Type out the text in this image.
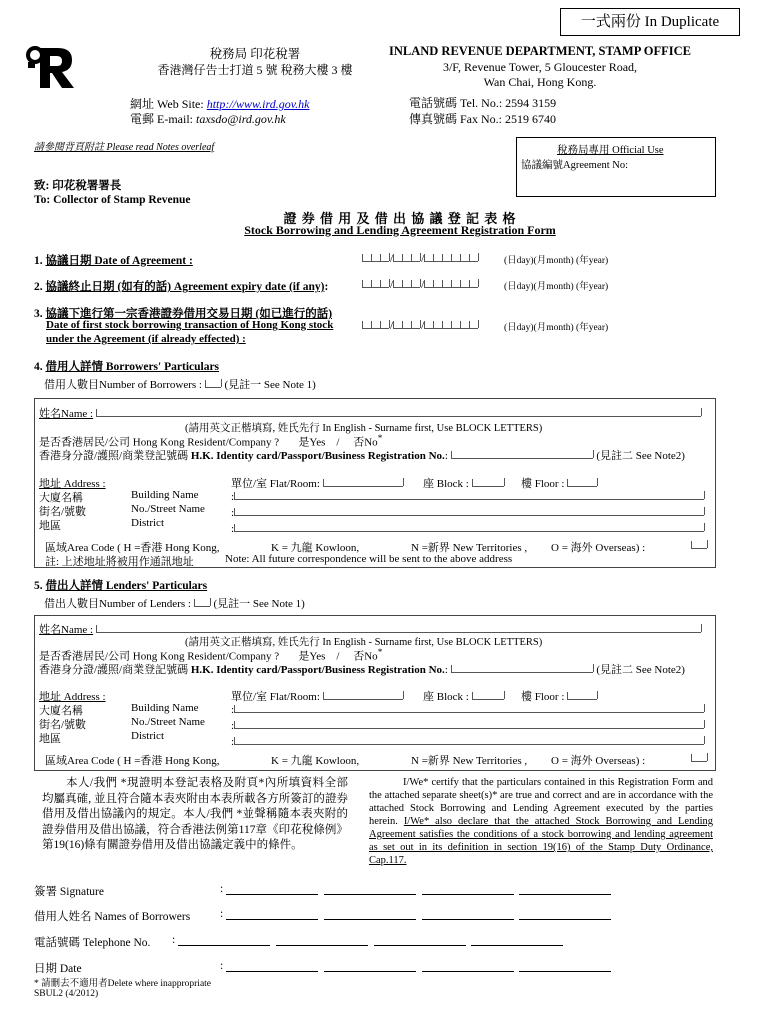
一式兩份 In Duplicate
稅務局 印花稅署
香港灣仔告士打道 5 號 稅務大樓 3 樓
INLAND REVENUE DEPARTMENT, STAMP OFFICE
3/F, Revenue Tower, 5 Gloucester Road,
Wan Chai, Hong Kong.
網址 Web Site: http://www.ird.gov.hk
電郵 E-mail: taxsdo@ird.gov.hk
電話號碼 Tel. No.: 2594 3159
傳真號碼 Fax No.: 2519 6740
請參閱背頁附註 Please read Notes overleaf	稅務局專用 Official Use
協議編號Agreement No:
致: 印花稅署署長
To: Collector of Stamp Revenue
證 券 借 用 及 借 出 協 議 登 記 表 格
Stock Borrowing and Lending Agreement Registration Form
1. 協議日期 Date of Agreement :	/	/	(日day)(月month) (年year)
2. 協議終止日期 (如有的話) Agreement expiry date (if any):	/	/	(日day)(月month) (年year)
3. 協議下進行第一宗香港證券借用交易日期 (如已進行的話)
Date of first stock borrowing transaction of Hong Kong stock
under the Agreement (if already effected) :
/	/	(日day)(月month) (年year)
4. 借用人詳情 Borrowers' Particulars
借用人數目Number of Borrowers : (見註一 See Note 1)
姓名Name :
(請用英文正楷填寫, 姓氏先行 In English - Surname first, Use BLOCK LETTERS)
是否香港居民/公司 Hong Kong Resident/Company ? 是Yes / 否No*
香港身分證/護照/商業登記號碼 H.K. Identity card/Passport/Business Registration No.:	(見註二 See Note2)
地址 Address :	單位/室 Flat/Room:	座 Block :	樓 Floor :
大廈名稱	Building Name	:
街名/號數	No./Street Name :
地區	District	:
區域Area Code ( H =香港 Hong Kong,	K = 九龍 Kowloon,	N =新界 New Territories , O = 海外 Overseas) :
註: 上述地址將被用作通訊地址	Note: All future correspondence will be sent to the above address
5. 借出人詳情 Lenders' Particulars
借出人數目Number of Lenders : (見註一 See Note 1)
姓名Name :
(請用英文正楷填寫, 姓氏先行 In English - Surname first, Use BLOCK LETTERS)
是否香港居民/公司 Hong Kong Resident/Company ? 是Yes / 否No*
香港身分證/護照/商業登記號碼 H.K. Identity card/Passport/Business Registration No.:	(見註二 See Note2)
地址 Address :	單位/室 Flat/Room:	座 Block :	樓 Floor :
大廈名稱	Building Name	:
街名/號數	No./Street Name :
地區	District	:
區域Area Code ( H =香港 Hong Kong,	K = 九龍 Kowloon,	N =新界 New Territories , O = 海外 Overseas) :
本人/我們 *現證明本登記表格及附頁*內所填資料全部均屬真確, 並且符合隨本表夾附由本表所載各方所簽訂的證券借用及借出協議內的規定。本人/我們 *並聲稱隨本表夾附的證券借用及借出協議，符合香港法例第117章《印花稅條例》第19(16)條有關證券借用及借出協議定義中的條件。
I/We* certify that the particulars contained in this Registration Form and the attached separate sheet(s)* are true and correct and are in accordance with the attached Stock Borrowing and Lending Agreement executed by the parties herein. I/We* also declare that the attached Stock Borrowing and Lending Agreement satisfies the conditions of a stock borrowing and lending agreement as set out in its definition in section 19(16) of the Stamp Duty Ordinance, Cap.117.
簽署 Signature	:
借用人姓名 Names of Borrowers	:
電話號碼 Telephone No. :
日期 Date	:
* 請刪去不適用者Delete where inappropriate
SBUL2 (4/2012)
